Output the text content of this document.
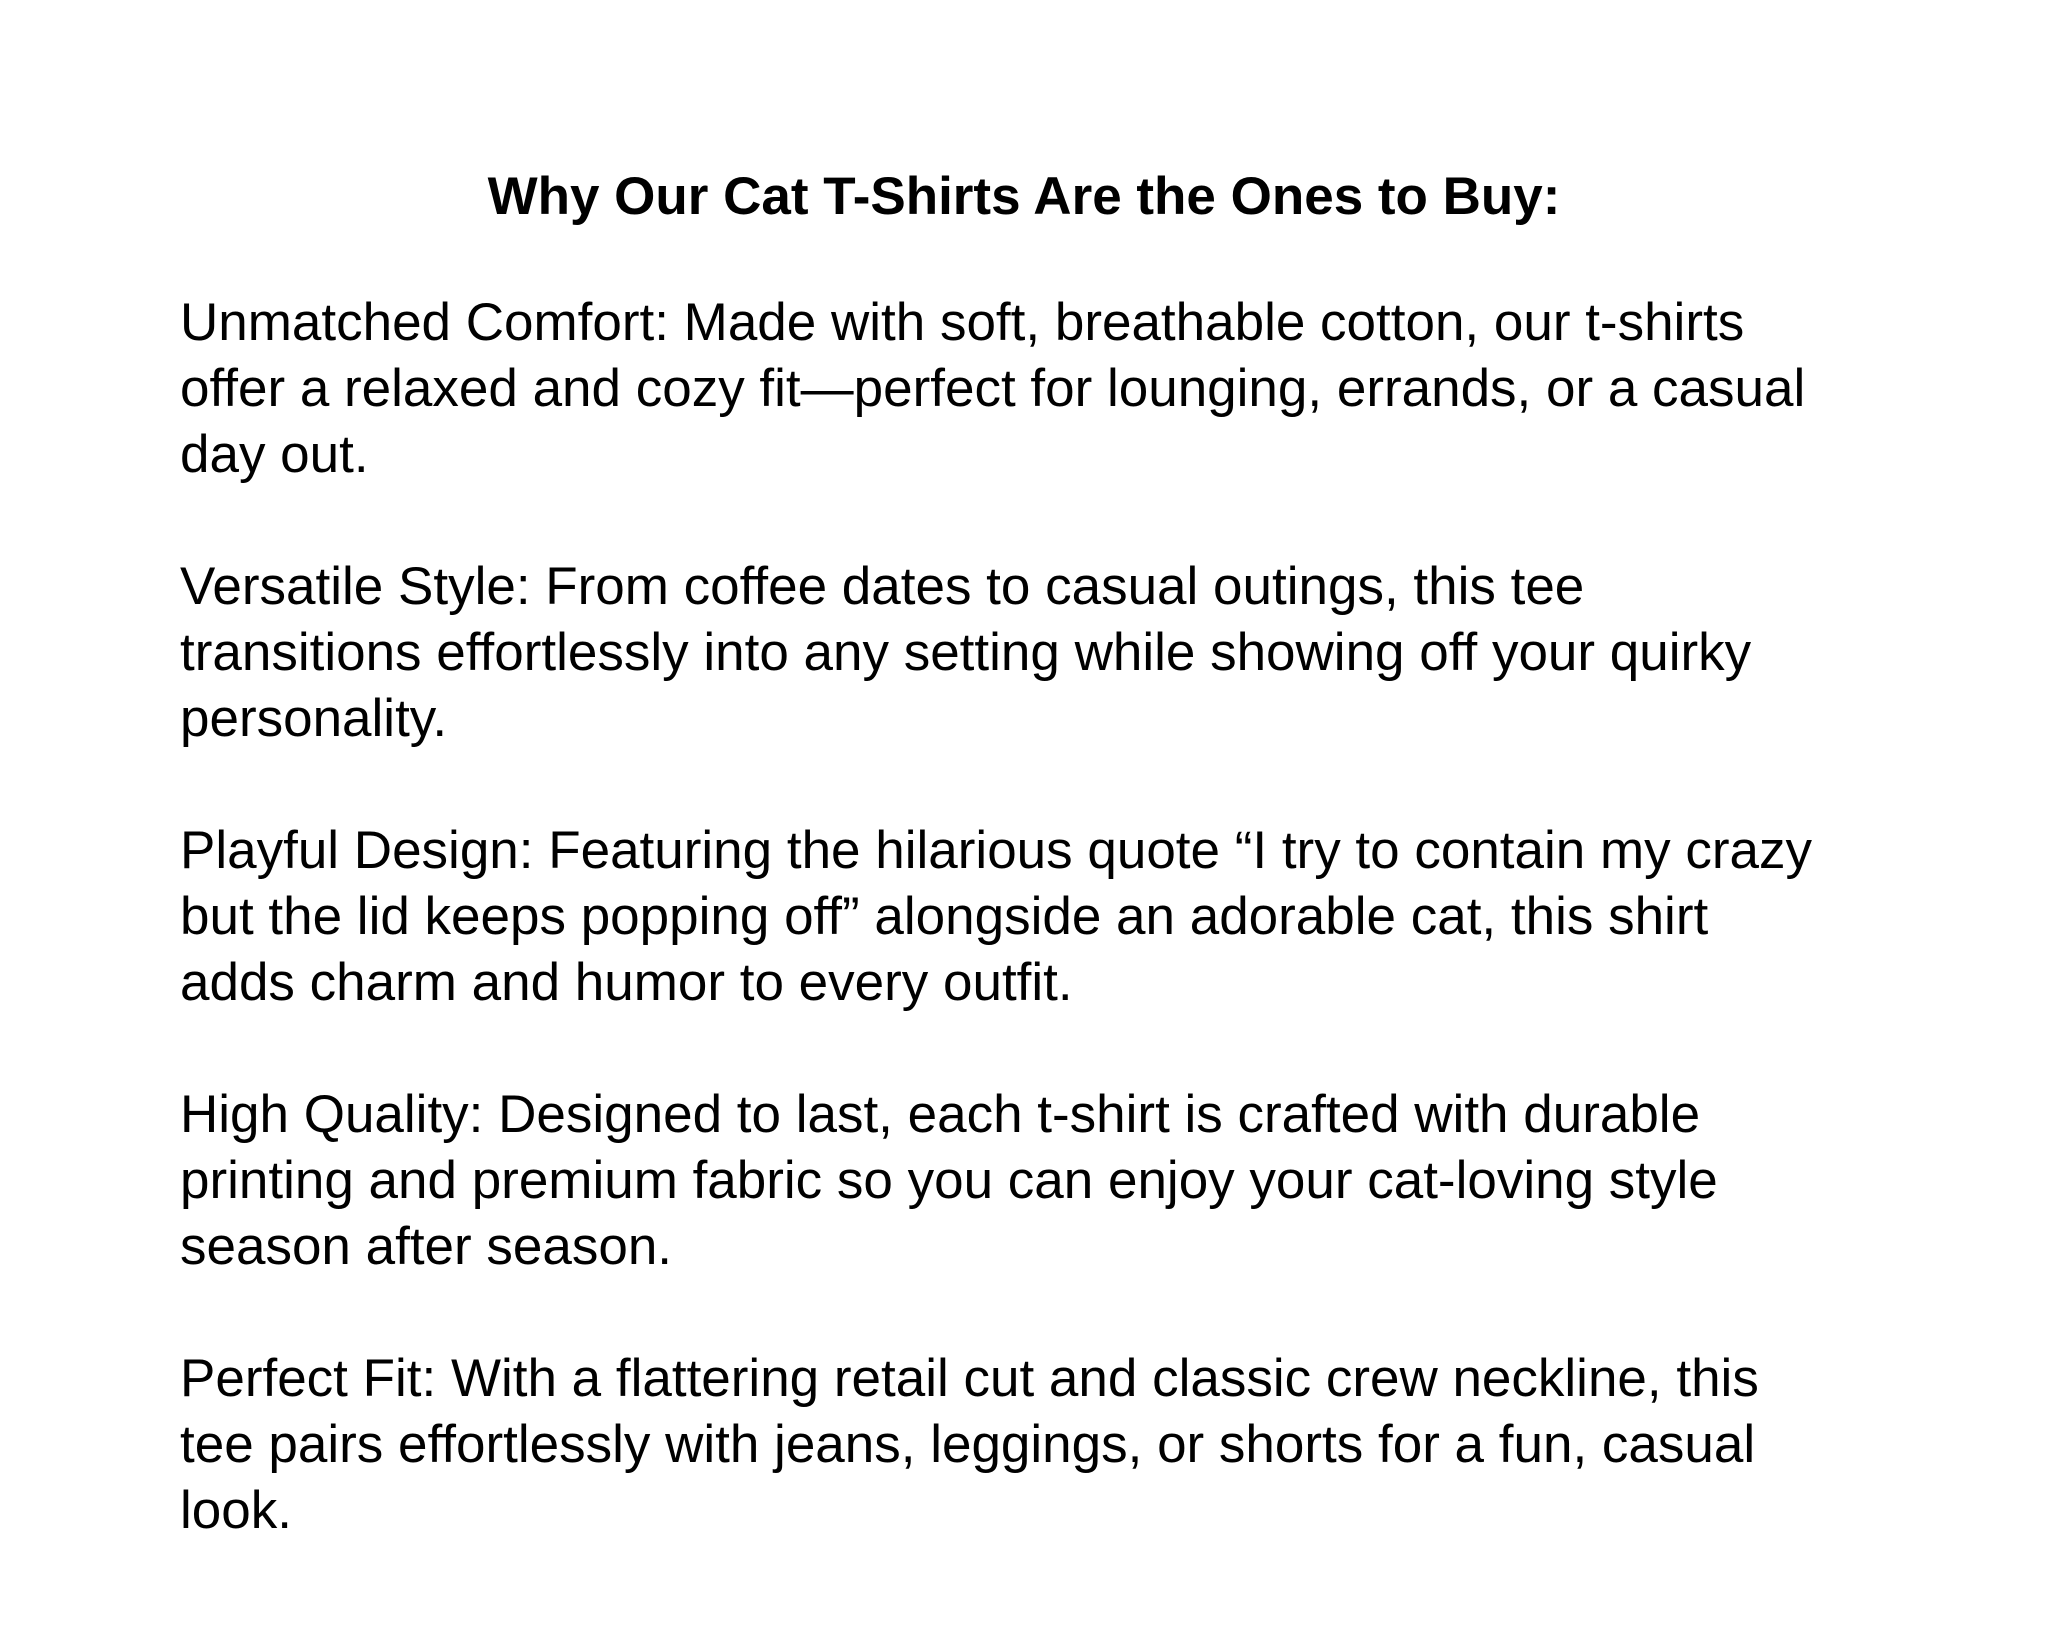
Why Our Cat T-Shirts Are the Ones to Buy:

Unmatched Comfort: Made with soft, breathable cotton, our t-shirts
offer a relaxed and cozy fit—perfect for lounging, errands, or a casual
day out.

Versatile Style: From coffee dates to casual outings, this tee
transitions effortlessly into any setting while showing off your quirky
personality.

Playful Design: Featuring the hilarious quote “I try to contain my crazy
but the lid keeps popping off” alongside an adorable cat, this shirt
adds charm and humor to every outfit.

High Quality: Designed to last, each t-shirt is crafted with durable
printing and premium fabric so you can enjoy your cat-loving style
season after season.

Perfect Fit: With a flattering retail cut and classic crew neckline, this
tee pairs effortlessly with jeans, leggings, or shorts for a fun, casual
look.
